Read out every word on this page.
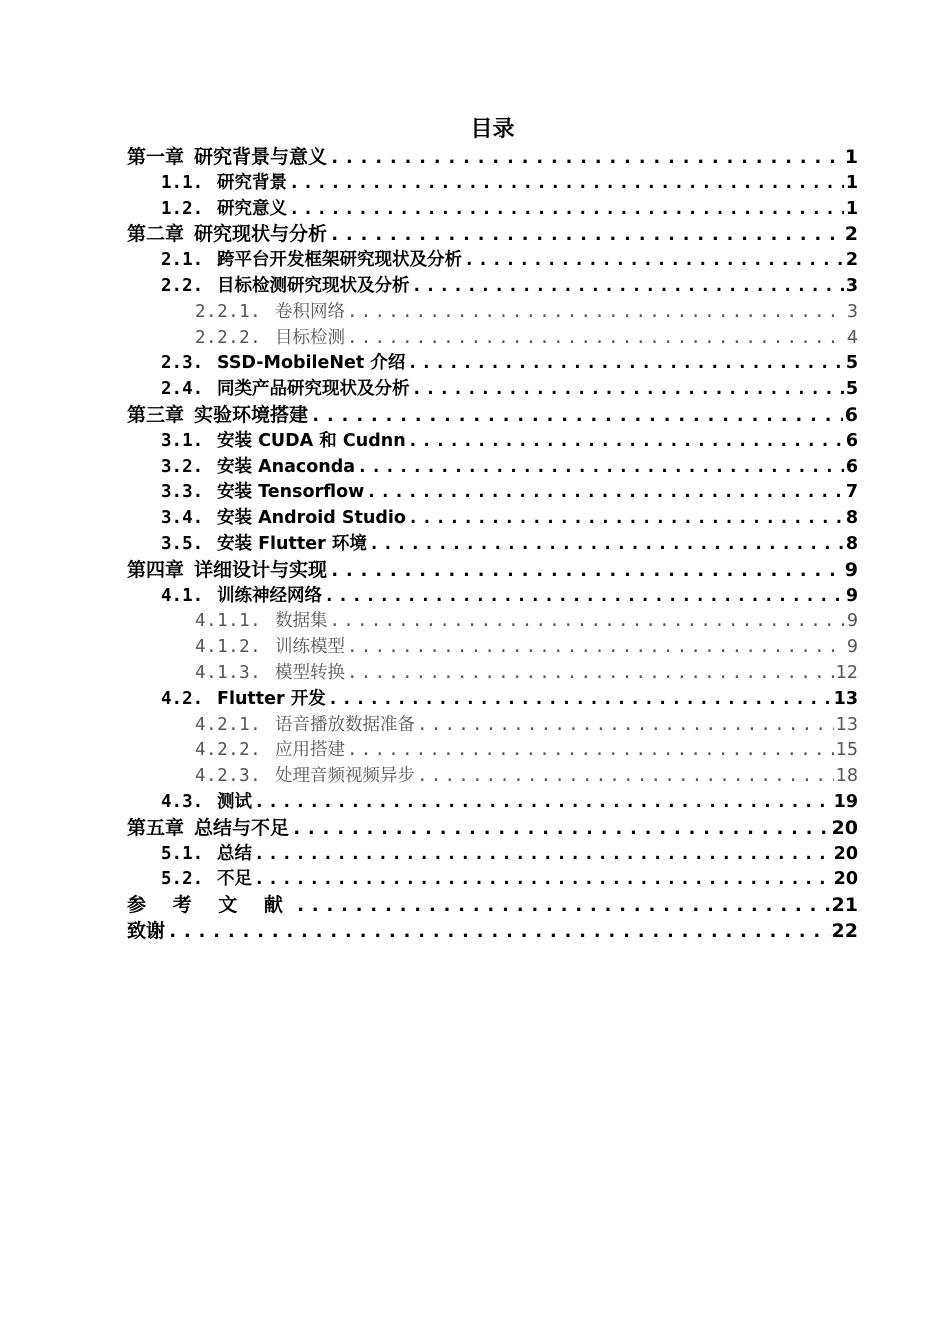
目录
第一章 研究背景与意义 .....	1
1.1. 研究背景 .....	1
1.2. 研究意义 .....	1
第二章 研究现状与分析 .....	2
2.1. 跨平台开发框架研究现状及分析 .....	2
2.2. 目标检测研究现状及分析 .....	3
2.2.1. 卷积网络 .....	3
2.2.2. 目标检测 .....	4
2.3. SSD-MobileNet 介绍 .....	5
2.4. 同类产品研究现状及分析 .....	5
第三章 实验环境搭建 .....	6
3.1. 安装 CUDA 和 Cudnn .....	6
3.2. 安装 Anaconda .....	6
3.3. 安装 Tensorflow .....	7
3.4. 安装 Android Studio .....	8
3.5. 安装 Flutter 环境 .....	8
第四章 详细设计与实现 .....	9
4.1. 训练神经网络 .....	9
4.1.1. 数据集 .....	9
4.1.2. 训练模型 .....	9
4.1.3. 模型转换 .....	12
4.2. Flutter 开发 .....	13
4.2.1. 语音播放数据准备 .....	13
4.2.2. 应用搭建 .....	15
4.2.3. 处理音频视频异步 .....	18
4.3. 测试 .....	19
第五章 总结与不足 .....	20
5.1. 总结 .....	20
5.2. 不足 .....	20
参 考 文 献 .....	21
致谢 .....	22
